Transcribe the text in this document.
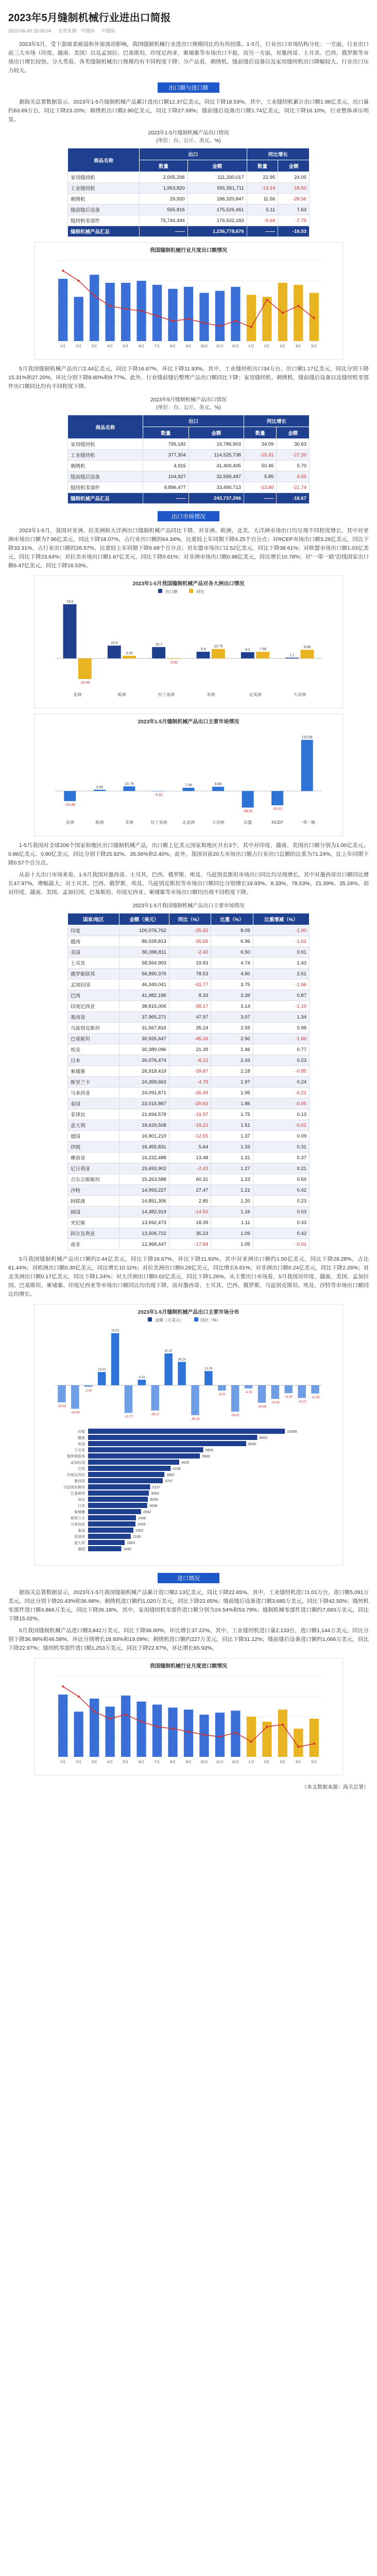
2023年5月缝制机械行业进出口简报
2023-06-30 15:06:04 文章来源：中缝协 中缝协

2023年5月，受下游需求疲弱和外需波动影响，我国缝制机械行业进出口规模同比均有所回落。1-5月，行业出口市场结构分化：一方面，行业出口前三大市场（印度、越南、美国）以及孟加拉、巴基斯坦、印度尼西亚、柬埔寨等市场出口不振，而另一方面，对墨西哥、土耳其、巴西、俄罗斯等市场出口增长较快。分大类看，各类缝制机械出口规模均有不同程度下降；分产品看，刺绣机、缝前缝后设备以及家用缝纫机出口降幅较大，行业出口压力较大。

出口额与进口额

据海关总署数据显示，2023年1-5月缝制机械产品累计进出口额12.37亿美元，同比下降18.53%。其中，工业缝纫机累计出口额1.98亿美元，出口量约63.69万台，同比下降23.20%；刺绣机出口额2.90亿美元，同比下降27.59%；缝前缝后设备出口额1.74亿美元，同比下降16.10%，行业整体承压明显。

2023年1-5月缝制机械产品出口情况
(单位：台、公斤、美元、%)
商品名称	出口		同比增长	
	数量	金额	数量	金额
家用缝纫机	2,005,206	111,330,017	22.95	24.05
工业缝纫机	1,953,820	591,551,711	-13.14	-18.50
刺绣机	29,920	186,320,847	11.56	-28.56
缝前缝后设备	555,816	175,526,461	5.11	7.63
缝纫机零部件	75,744,494	176,532,183	-5.64	-7.75
缝制机械产品汇总	——	1,236,778,676	——	-16.53
我国缝制机械行业月度出口额情况
1月	2月	3月	4月	5月	6月	7月	8月	9月	10月 11月 12月	1月	2月	3月	4月	5月

5月我国缝制机械产品出口2.44亿美元，同比下降16.67%，环比下降11.93%。其中，工业缝纫机出口34万台，出口额1.17亿美元，同比分别下降15.31%和27.20%，环比分别下降8.80%和9.77%。此外，行业缝前缝后整理产品出口额同比下降；家用缝纫机、刺绣机、缝前缝后设备以及缝纫机零部件出口额同比均有不同程度下降。

2023年5月缝制机械产品出口情况
(单位：台、公斤、美元、%)
商品名称	出口		同比增长	
	数量	金额	数量	金额
家用缝纫机	795,182	19,785,903	34.09	30.63
工业缝纫机	377,304	114,525,738	-15.31	-27.20
刺绣机	4,915	41,400,405	50.46	5.70
缝前缝后设备	104,927	32,599,487	5.85	-3.55
缝纫机零部件	9,896,477	33,490,713	-13.80	-21.74
缝制机械产品汇总	——	243,737,396	——	-16.67
出口市场情况

2023年1-5月，我国对亚洲、拉美洲和大洋洲出口缝制机械产品同比下降，对非洲、欧洲、北美、大洋洲市场出口均呈现不同程度增长，其中对亚洲市场出口额为7.96亿美元，同比下降18.07%，占行业出口额的64.34%，比重较上年同期下降4.25个百分点；对RCEP市场出口额3.29亿美元，同比下降33.31%，占行业出口额的26.57%，比重较上年同期下降6.68个百分点；对东盟市场出口2.52亿美元，同比下降38.61%；对欧盟市场出口额1.03亿美元，同比下降23.64%；对拉美市场出口额1.67亿美元，同比下降0.61%；对非洲市场出口额0.98亿美元，同比增长10.78%；对“一带一路”沿线国家出口额6.47亿美元，同比下降16.53%。

2023年1-5月我国缝制机械产品对各大洲出口情况
79.6
-23.48
亚洲
18.8
3.05
欧洲
16.7
-0.61
拉丁美洲
9.8
10.78
非洲
9.2	7.58
北美洲
1.1
9.86
大洋洲
出口额	同比
2023年1-5月缝制机械产品出口主要市场情况
-23.48
亚洲
3.05
欧洲
10.78
非洲
-0.61
拉丁美洲
7.58
北美洲
9.86
大洋洲
-38.61
东盟
-33.31
RCEP
119.08
一带一路

1-5月我国对全球206个国家和地区出口缝制机械产品，出口额上亿美元国家和地区共有3个，其中对印度、越南、美国出口额分别为1.00亿美元、0.86亿美元、0.80亿美元，同比分别下降25.92%、35.56%和2.40%。此外，我国对前20大市场出口额占行业出口总额的比重为71.24%，比上年同期下降0.57个百分点。

从前十大出口市场来看，1-5月我国对墨西哥、土耳其、巴西、俄罗斯、埃及、乌兹别克斯坦市场出口同比均呈现增长，其中对墨西哥出口额同比增长47.97%，增幅最大；对土耳其、巴西、俄罗斯、埃及、乌兹别克斯坦等市场出口额同比分别增长19.93%、8.33%、78.53%、21.39%、35.24%。而对印度、越南、美国、孟加拉国、巴基斯坦、印度尼西亚、柬埔寨等市场出口额均出现不同程度下降。

2023年1-5月我国缝制机械产品出口主要市场情况
国家/地区	金额（美元）	同比（%）	比重（%）	比重增减（%）
印度	100,076,762	-25.92	8.09	-1.00
越南	86,028,813	-35.56	6.96	-1.61
美国	80,396,811	-2.40	6.50	0.91
土耳其	58,564,903	19.93	4.74	1.43
俄罗斯联邦	56,890,376	78.53	4.60	2.51
孟加拉国	46,349,041	-41.77	3.75	-1.66
巴西	41,982,196	8.33	3.39	0.87
印度尼西亚	38,815,006	-38.17	3.14	-1.10
墨西哥	37,965,271	47.97	3.07	1.34
乌兹别克斯坦	31,567,816	35.24	2.55	0.98
巴基斯坦	30,925,647	-45.16	2.50	-1.60
埃及	30,389,096	21.39	2.46	0.77
日本	30,076,474	-8.12	2.43	0.23
柬埔寨	26,918,419	-39.87	2.18	-0.85
斯里兰卡	24,358,663	-4.78	1.97	0.24
马来西亚	24,091,871	-26.49	1.95	-0.21
泰国	23,015,867	-20.63	1.86	-0.05
菲律宾	21,694,578	-11.97	1.75	0.13
意大利	18,629,508	-19.22	1.51	-0.01
德国	16,901,219	-12.55	1.37	0.09
伊朗	16,455,831	5.64	1.33	0.31
摩洛哥	16,232,488	13.48	1.31	0.37
尼日利亚	15,693,902	-2.43	1.27	0.21
吉尔吉斯斯坦	15,263,588	60.31	1.23	0.59
沙特	14,993,227	27.47	1.21	0.42
阿联酋	14,851,306	2.85	1.20	0.23
韩国	14,382,919	-14.50	1.16	0.03
突尼斯	13,692,473	18.39	1.11	0.33
阿尔及利亚	13,506,722	35.23	1.09	0.42
南非	12,968,447	-17.84	1.05	-0.01

5月我国缝制机械产品出口额约2.44亿美元，同比下降16.67%，环比下降11.93%。其中对亚洲出口额约1.50亿美元，同比下降28.28%，占比61.44%；对欧洲出口额0.30亿美元，同比增长10.11%；对拉美洲出口额0.29亿美元，同比增长6.61%；对非洲出口额0.24亿美元，同比下降2.26%；对北美洲出口额0.17亿美元，同比下降1.24%；对大洋洲出口额0.02亿美元，同比下降1.26%。从主要出口市场看，5月我国对印度、越南、美国、孟加拉国、巴基斯坦、柬埔寨、印度尼西亚等市场出口额同比均出现下降，而对墨西哥、土耳其、巴西、俄罗斯、乌兹别克斯坦、埃及、沙特等市场出口额同比均增长。

2023年1-5月缝制机械产品出口主要市场分布
-25.92
-35.56
-2.40
19.93
78.53
-41.77
8.33
-38.17
47.97
35.24
-45.16
21.39
-8.12
-39.87
-4.78
-26.49
-20.63
-11.97
-19.22
-12.55
印度	10008
越南	8603
美国	8040
土耳其	5856
俄罗斯联邦	5689
孟加拉国	4635
巴西	4198
印度尼西亚	3882
墨西哥	3797
乌兹别克斯坦	3157
巴基斯坦	3093
埃及	3039
日本	3008
柬埔寨	2692
斯里兰卡	2436
马来西亚	2409
泰国	2302
菲律宾	2169
意大利	1863
德国	1690
金额（万美元）	同比（%）
进口情况

据海关总署数据显示，2023年1-5月我国缝制机械产品累计进口额2.13亿美元，同比下降22.65%。其中，工业缝纫机进口1.01万台，进口额5,091万美元，同比分别下降20.43%和36.98%；刺绣机进口额约1,020万美元，同比下降22.65%；缝前缝后设备进口额3,685万美元，同比下降42.50%；缝纫机零部件进口额4,866万美元，同比下降26.18%，其中，家用缝纫机零部件进口额分别为24.54%和53.79%；缝制机械零部件进口额约7,683万美元，同比下降15.02%。

5月我国缝制机械产品进口额3,842万美元，同比下降36.60%，环比增长37.22%。其中，工业缝纫机进口量2,133台，进口额1,144万美元，同比分别下降36.99%和46.58%，环比分别增长18.93%和19.09%；刺绣机进口额约227万美元，同比下降31.12%；缝前缝后设备进口额约1,066万美元，同比下降22.97%；缝纫机零部件进口额1,253万美元，同比下降22.87%，环比增长65.93%。

我国缝制机械行业月度进口额情况
1月	2月	3月	4月	5月	6月	7月	8月	9月	10月 11月 12月	1月	2月	3月	4月	5月
（本文数据来源：海关总署）
